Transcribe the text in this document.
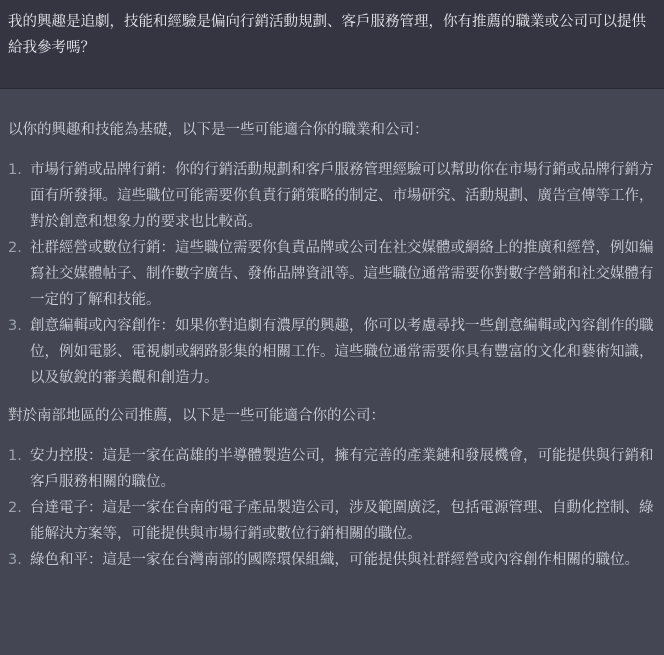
我的興趣是追劇，技能和經驗是偏向行銷活動規劃、客戶服務管理，你有推薦的職業或公司可以提供給我參考嗎？

以你的興趣和技能為基礎，以下是一些可能適合你的職業和公司：

1. 市場行銷或品牌行銷：你的行銷活動規劃和客戶服務管理經驗可以幫助你在市場行銷或品牌行銷方面有所發揮。這些職位可能需要你負責行銷策略的制定、市場研究、活動規劃、廣告宣傳等工作，對於創意和想象力的要求也比較高。
2. 社群經營或數位行銷：這些職位需要你負責品牌或公司在社交媒體或網絡上的推廣和經營，例如編寫社交媒體帖子、制作數字廣告、發佈品牌資訊等。這些職位通常需要你對數字營銷和社交媒體有一定的了解和技能。
3. 創意編輯或內容創作：如果你對追劇有濃厚的興趣，你可以考慮尋找一些創意編輯或內容創作的職位，例如電影、電視劇或網路影集的相關工作。這些職位通常需要你具有豐富的文化和藝術知識，以及敏銳的審美觀和創造力。

對於南部地區的公司推薦，以下是一些可能適合你的公司：

1. 安力控股：這是一家在高雄的半導體製造公司，擁有完善的產業鏈和發展機會，可能提供與行銷和客戶服務相關的職位。
2. 台達電子：這是一家在台南的電子產品製造公司，涉及範圍廣泛，包括電源管理、自動化控制、綠能解決方案等，可能提供與市場行銷或數位行銷相關的職位。
3. 綠色和平：這是一家在台灣南部的國際環保組織，可能提供與社群經營或內容創作相關的職位。
